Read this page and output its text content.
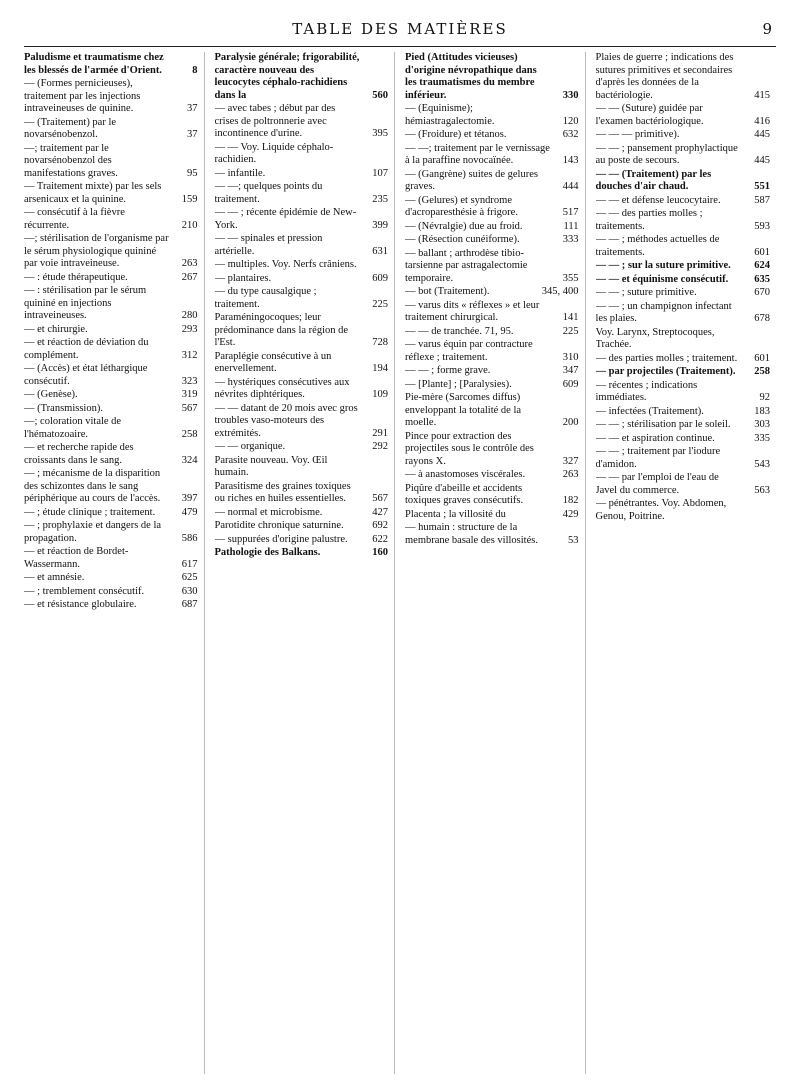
TABLE DES MATIÈRES	9
Paludisme et traumatisme chez les blessés de l'armée d'Orient.	8
— (Formes pernicieuses), traitement par les injections intraveineuses de quinine.	37
— (Traitement) par le novarsénobenzol.	37
—; traitement par le novarsénobenzol des manifestations graves.	95
— Traitement mixte) par les sels arsenicaux et la quinine.	159
— consécutif à la fièvre récurrente.	210
—; stérilisation de l'organisme par le sérum physiologique quininé par voie intraveineuse.	263
— : étude thérapeutique.	267
— : stérilisation par le sérum quininé en injections intraveineuses.	280
— et chirurgie.	293
— et réaction de déviation du complément.	312
— (Accès) et état léthargique consécutif.	323
— (Genèse).	319
— (Transmission).	567
—; coloration vitale de l'hématozoaire.	258
— et recherche rapide des croissants dans le sang.	324
— ; mécanisme de la disparition des schizontes dans le sang périphérique au cours de l'accès.	397
— ; étude clinique ; traitement.	479
— ; prophylaxie et dangers de la propagation.	586
— et réaction de Bordet-Wassermann.	617
— et amnésie.	625
— ; tremblement consécutif.	630
— et résistance globulaire.	687
Paralysie générale; frigorabilité, caractère nouveau des leucocytes céphalo-rachidiens dans la	560
— avec tabes ; début par des crises de poltronnerie avec incontinence d'urine.	395
— — Voy. Liquide céphalo-rachidien.
— infantile.	107
— —; quelques points du traitement.	235
— — ; récente épidémie de New-York.	399
— — spinales et pression artérielle.	631
— multiples. Voy. Nerfs crâniens.
— plantaires.	609
— du type causalgique ; traitement.	225
Paraméningocoques; leur prédominance dans la région de l'Est.	728
Paraplégie consécutive à un enervellement.	194
— hystériques consécutives aux névrites diphtériques.	109
— — datant de 20 mois avec gros troubles vaso-moteurs des extrémités.	291
— — organique.	292
Parasite nouveau. Voy. Œil humain.
Parasitisme des graines toxiques ou riches en huiles essentielles.	567
— normal et microbisme.	427
Parotidite chronique saturnine.	692
— suppurées d'origine palustre.	622
Pathologie des Balkans.	160
Pied (Attitudes vicieuses) d'origine névropathique dans les traumatismes du membre inférieur.	330
— (Equinisme); hémiastragalectomie.	120
— (Froidure) et tétanos.	632
— —; traitement par le vernissage à la paraffine novocaïnée.	143
— (Gangrène) suites de gelures graves.	444
— (Gelures) et syndrome d'acroparesthésie à frigore.	517
— (Névralgie) due au froid.	111
— (Résection cunéiforme).	333
— ballant ; arthrodèse tibio-tarsienne par astragalectomie temporaire.	355
— bot (Traitement).	345, 400
— varus dits « réflexes » et leur traitement chirurgical.	141
— — de tranchée. 71, 95.	225
— varus équin par contracture réflexe ; traitement.	310
— — ; forme grave.	347
— [Plante] ; [Paralysies).	609
Pie-mère (Sarcomes diffus) enveloppant la totalité de la moelle.	200
Pince pour extraction des projectiles sous le contrôle des rayons X.	327
— à anastomoses viscérales.	263
Piqûre d'abeille et accidents toxiques graves consécutifs.	182
Placenta ; la villosité du	429
— humain : structure de la membrane basale des villosités.	53
Plaies de guerre ; indications des sutures primitives et secondaires d'après les données de la bactériologie.	415
— — (Suture) guidée par l'examen bactériologique.	416
— — — primitive).	445
— — ; pansement prophylactique au poste de secours.	445
— — (Traitement) par les douches d'air chaud.	551
— — et défense leucocytaire.	587
— — des parties molles ; traitements.	593
— — ; méthodes actuelles de traitements.	601
— — ; sur la suture primitive.	624
— — et équinisme consécutif.	635
— — ; suture primitive.	670
— — ; un champignon infectant les plaies.	678
Voy. Larynx, Streptocoques, Trachée.
— des parties molles ; traitement.	601
— par projectiles (Traitement).	258
— récentes ; indications immédiates.	92
— infectées (Traitement).	183
— — ; stérilisation par le soleil.	303
— — et aspiration continue.	335
— — ; traitement par l'iodure d'amidon.	543
— — par l'emploi de l'eau de Javel du commerce.	563
— pénétrantes. Voy. Abdomen, Genou, Poitrine.
